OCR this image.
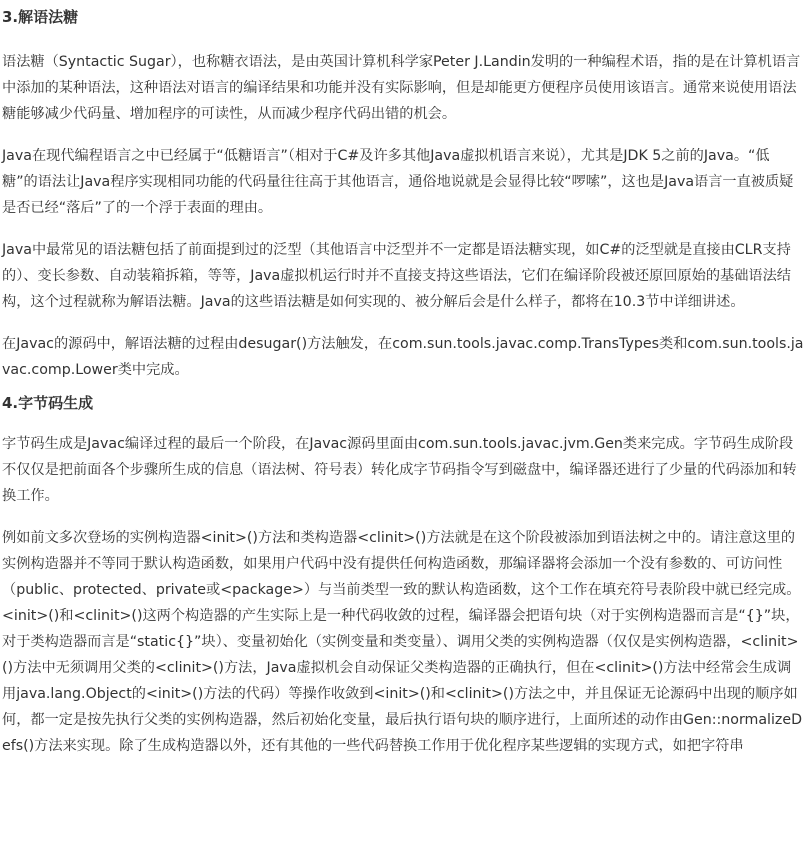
3.解语法糖

语法糖（Syntactic Sugar），也称糖衣语法，是由英国计算机科学家Peter J.Landin发明的一种编程术语，指的是在计算机语言中添加的某种语法，这种语法对语言的编译结果和功能并没有实际影响，但是却能更方便程序员使用该语言。通常来说使用语法糖能够减少代码量、增加程序的可读性，从而减少程序代码出错的机会。

Java在现代编程语言之中已经属于“低糖语言”（相对于C#及许多其他Java虚拟机语言来说），尤其是JDK 5之前的Java。“低糖”的语法让Java程序实现相同功能的代码量往往高于其他语言，通俗地说就是会显得比较“啰嗦”，这也是Java语言一直被质疑是否已经“落后”了的一个浮于表面的理由。

Java中最常见的语法糖包括了前面提到过的泛型（其他语言中泛型并不一定都是语法糖实现，如C#的泛型就是直接由CLR支持的）、变长参数、自动装箱拆箱，等等，Java虚拟机运行时并不直接支持这些语法，它们在编译阶段被还原回原始的基础语法结构，这个过程就称为解语法糖。Java的这些语法糖是如何实现的、被分解后会是什么样子，都将在10.3节中详细讲述。

在Javac的源码中，解语法糖的过程由desugar()方法触发，在com.sun.tools.javac.comp.TransTypes类和com.sun.tools.javac.comp.Lower类中完成。

4.字节码生成

字节码生成是Javac编译过程的最后一个阶段，在Javac源码里面由com.sun.tools.javac.jvm.Gen类来完成。字节码生成阶段不仅仅是把前面各个步骤所生成的信息（语法树、符号表）转化成字节码指令写到磁盘中，编译器还进行了少量的代码添加和转换工作。

例如前文多次登场的实例构造器<init>()方法和类构造器<clinit>()方法就是在这个阶段被添加到语法树之中的。请注意这里的实例构造器并不等同于默认构造函数，如果用户代码中没有提供任何构造函数，那编译器将会添加一个没有参数的、可访问性（public、protected、private或<package>）与当前类型一致的默认构造函数，这个工作在填充符号表阶段中就已经完成。<init>()和<clinit>()这两个构造器的产生实际上是一种代码收敛的过程，编译器会把语句块（对于实例构造器而言是“{}”块，对于类构造器而言是“static{}”块）、变量初始化（实例变量和类变量）、调用父类的实例构造器（仅仅是实例构造器，<clinit>()方法中无须调用父类的<clinit>()方法，Java虚拟机会自动保证父类构造器的正确执行，但在<clinit>()方法中经常会生成调用java.lang.Object的<init>()方法的代码）等操作收敛到<init>()和<clinit>()方法之中，并且保证无论源码中出现的顺序如何，都一定是按先执行父类的实例构造器，然后初始化变量，最后执行语句块的顺序进行，上面所述的动作由Gen::normalizeDefs()方法来实现。除了生成构造器以外，还有其他的一些代码替换工作用于优化程序某些逻辑的实现方式，如把字符串
